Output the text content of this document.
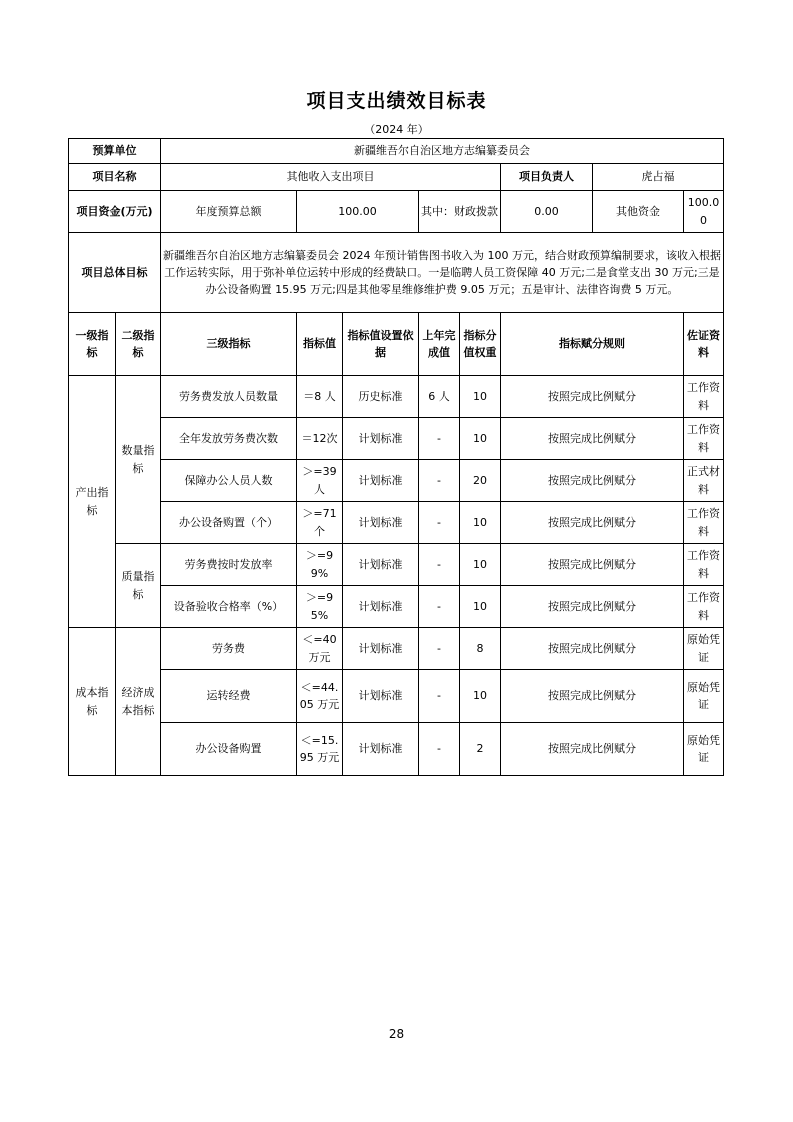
项目支出绩效目标表
（2024 年）
预算单位		新疆维吾尔自治区地方志编纂委员会							
项目名称		其他收入支出项目					项目负责人	虎占福	
项目资金(万元)		年度预算总额	100.00		其中：财政拨款		0.00	其他资金	100.00
项目总体目标		新疆维吾尔自治区地方志编纂委员会 2024 年预计销售图书收入为 100 万元，结合财政预算编制要求，该收入根据工作运转实际，用于弥补单位运转中形成的经费缺口。一是临聘人员工资保障 40 万元;二是食堂支出 30 万元;三是办公设备购置 15.95 万元;四是其他零星维修维护费 9.05 万元；五是审计、法律咨询费 5 万元。							
一级指标	二级指标	三级指标	指标值	指标值设置依据	上年完成值	指标分值权重	指标赋分规则		佐证资料
产出指标	数量指标	劳务费发放人员数量	＝8 人	历史标准	6 人	10	按照完成比例赋分		工作资料
		全年发放劳务费次数	＝12次	计划标准	-	10	按照完成比例赋分		工作资料
		保障办公人员人数	＞=39人	计划标准	-	20	按照完成比例赋分		正式材料
		办公设备购置（个）	＞=71个	计划标准	-	10	按照完成比例赋分		工作资料
	质量指标	劳务费按时发放率	＞=99%	计划标准	-	10	按照完成比例赋分		工作资料
		设备验收合格率（%）	＞=95%	计划标准	-	10	按照完成比例赋分		工作资料
成本指标	经济成本指标	劳务费	＜=40万元	计划标准	-	8	按照完成比例赋分		原始凭证
		运转经费	＜=44.05 万元	计划标准	-	10	按照完成比例赋分		原始凭证
		办公设备购置	＜=15.95 万元	计划标准	-	2	按照完成比例赋分		原始凭证
28
